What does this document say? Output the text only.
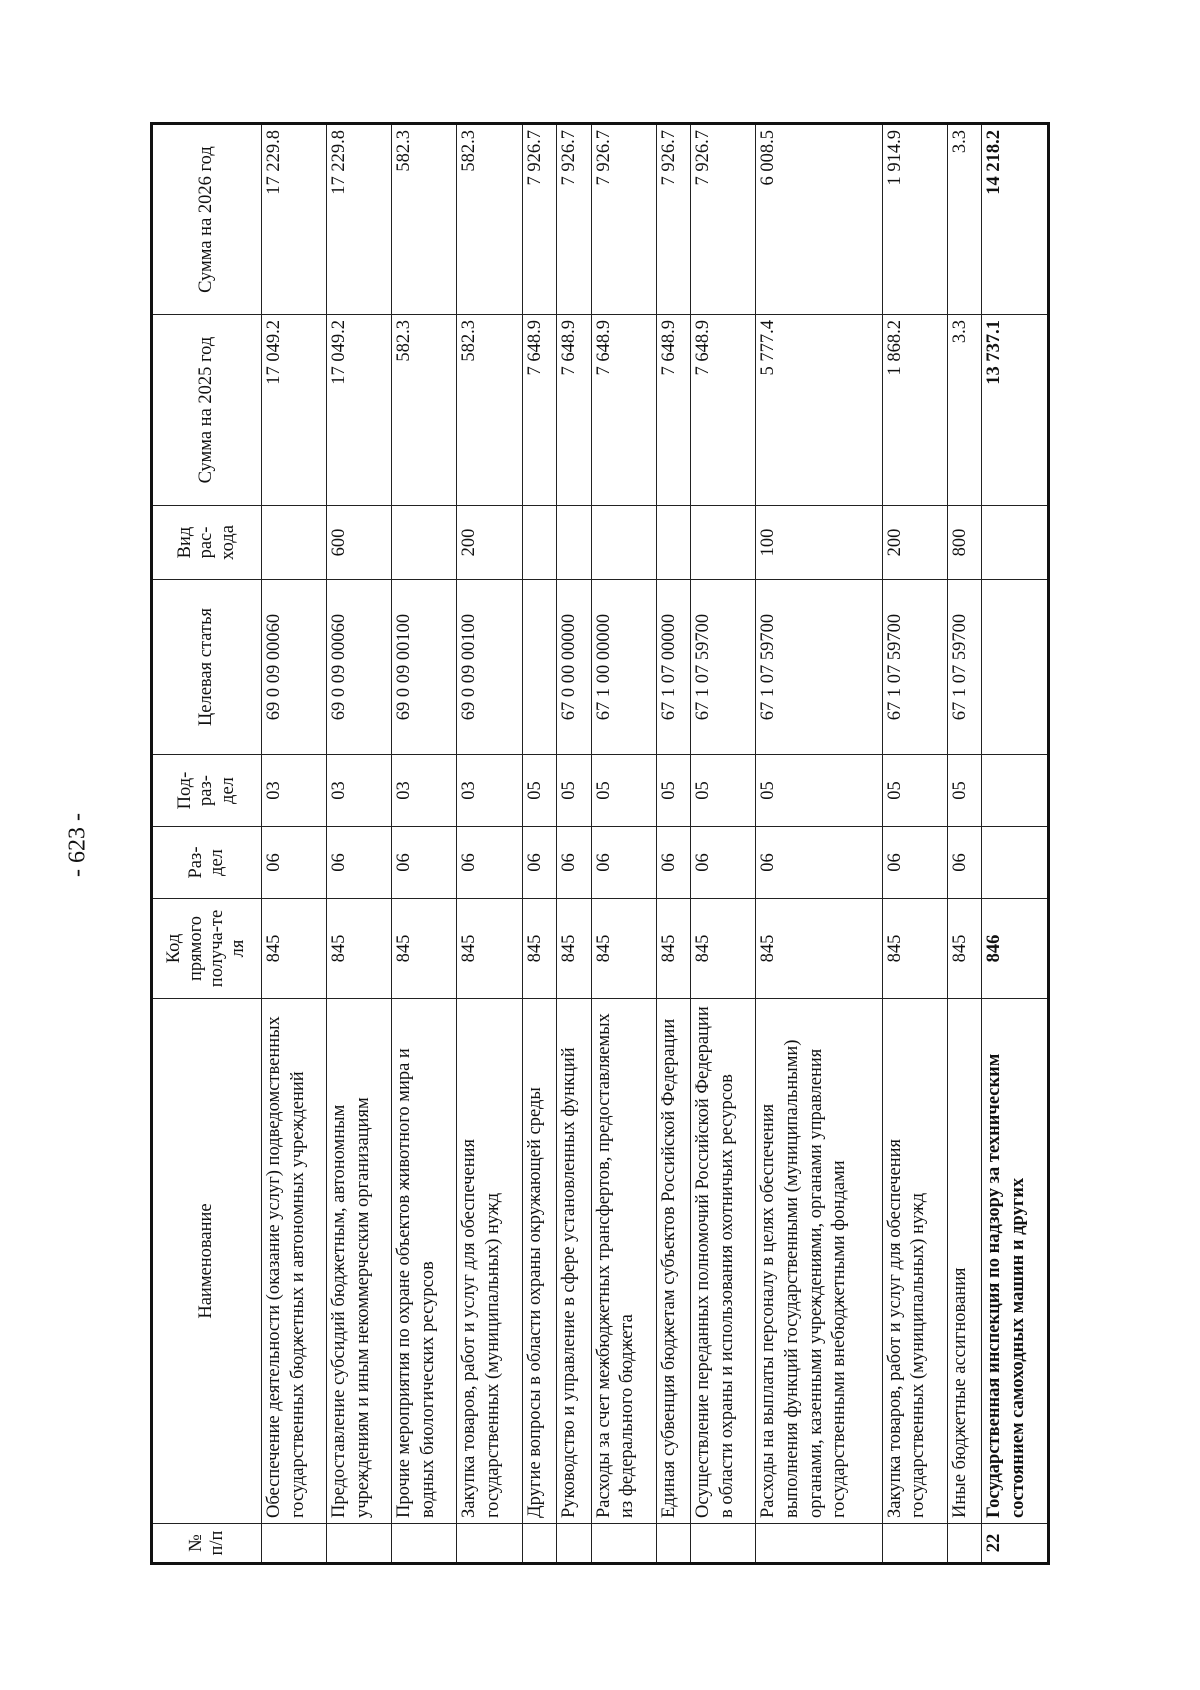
- 623 -
№ п/п	Наименование	Код прямого получа-те ля	Раз- дел	Под- раз- дел	Целевая статья	Вид рас- хода	Сумма на 2025 год	Сумма на 2026 год
	Обеспечение деятельности (оказание услуг) подведомственных государственных бюджетных и автономных учреждений	845	06	03	69 0 09 00060		17 049.2	17 229.8
	Предоставление субсидий бюджетным, автономным учреждениям и иным некоммерческим организациям	845	06	03	69 0 09 00060	600	17 049.2	17 229.8
	Прочие мероприятия по охране объектов животного мира и водных биологических ресурсов	845	06	03	69 0 09 00100		582.3	582.3
	Закупка товаров, работ и услуг для обеспечения государственных (муниципальных) нужд	845	06	03	69 0 09 00100	200	582.3	582.3
	Другие вопросы в области охраны окружающей среды	845	06	05			7 648.9	7 926.7
	Руководство и управление в сфере установленных функций	845	06	05	67 0 00 00000		7 648.9	7 926.7
	Расходы за счет межбюджетных трансфертов, предоставляемых из федерального бюджета	845	06	05	67 1 00 00000		7 648.9	7 926.7
	Единая субвенция бюджетам субъектов Российской Федерации	845	06	05	67 1 07 00000		7 648.9	7 926.7
	Осуществление переданных полномочий Российской Федерации в области охраны и использования охотничьих ресурсов	845	06	05	67 1 07 59700		7 648.9	7 926.7
	Расходы на выплаты персоналу в целях обеспечения выполнения функций государственными (муниципальными) органами, казенными учреждениями, органами управления государственными внебюджетными фондами	845	06	05	67 1 07 59700	100	5 777.4	6 008.5
	Закупка товаров, работ и услуг для обеспечения государственных (муниципальных) нужд	845	06	05	67 1 07 59700	200	1 868.2	1 914.9
	Иные бюджетные ассигнования	845	06	05	67 1 07 59700	800	3.3	3.3
22	Государственная инспекция по надзору за техническим состоянием самоходных машин и других	846					13 737.1	14 218.2
